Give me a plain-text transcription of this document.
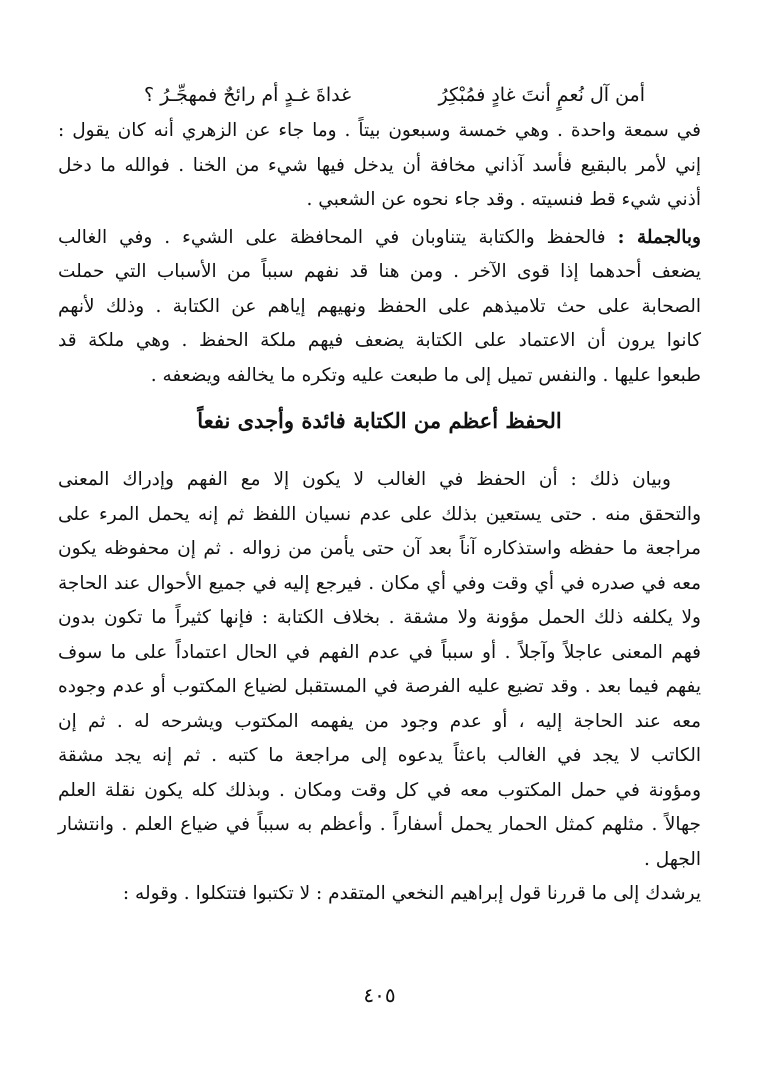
أمن آل نُعمٍ أنتَ غادٍ فمُبْكِرُ
غداةَ غـدٍ أم رائحٌ فمهجِّـرُ ؟

في سمعة واحدة . وهي خمسة وسبعون بيتاً . وما جاء عن الزهري أنه كان يقول :
إني لأمر بالبقيع فأسد آذاني مخافة أن يدخل فيها شيء من الخنا . فوالله ما دخل
أذني شيء قط فنسيته . وقد جاء نحوه عن الشعبي .

وبالجملة : فالحفظ والكتابة يتناوبان في المحافظة على الشيء . وفي الغالب
يضعف أحدهما إذا قوى الآخر . ومن هنا قد نفهم سبباً من الأسباب التي حملت
الصحابة على حث تلاميذهم على الحفظ ونهيهم إياهم عن الكتابة . وذلك لأنهم
كانوا يرون أن الاعتماد على الكتابة يضعف فيهم ملكة الحفظ . وهي ملكة قد
طبعوا عليها . والنفس تميل إلى ما طبعت عليه وتكره ما يخالفه ويضعفه .

الحفظ أعظم من الكتابة فائدة وأجدى نفعاً

وبيان ذلك : أن الحفظ في الغالب لا يكون إلا مع الفهم وإدراك المعنى
والتحقق منه . حتى يستعين بذلك على عدم نسيان اللفظ ثم إنه يحمل المرء على
مراجعة ما حفظه واستذكاره آناً بعد آن حتى يأمن من زواله . ثم إن محفوظه يكون
معه في صدره في أي وقت وفي أي مكان . فيرجع إليه في جميع الأحوال عند الحاجة
ولا يكلفه ذلك الحمل مؤونة ولا مشقة . بخلاف الكتابة : فإنها كثيراً ما تكون بدون
فهم المعنى عاجلاً وآجلاً . أو سبباً في عدم الفهم في الحال اعتماداً على ما سوف
يفهم فيما بعد . وقد تضيع عليه الفرصة في المستقبل لضياع المكتوب أو عدم وجوده
معه عند الحاجة إليه ، أو عدم وجود من يفهمه المكتوب ويشرحه له . ثم إن
الكاتب لا يجد في الغالب باعثاً يدعوه إلى مراجعة ما كتبه . ثم إنه يجد مشقة
ومؤونة في حمل المكتوب معه في كل وقت ومكان . وبذلك كله يكون نقلة العلم
جهالاً . مثلهم كمثل الحمار يحمل أسفاراً . وأعظم به سبباً في ضياع العلم . وانتشار
الجهل .

يرشدك إلى ما قررنا قول إبراهيم النخعي المتقدم : لا تكتبوا فتتكلوا . وقوله :

٤٠٥
